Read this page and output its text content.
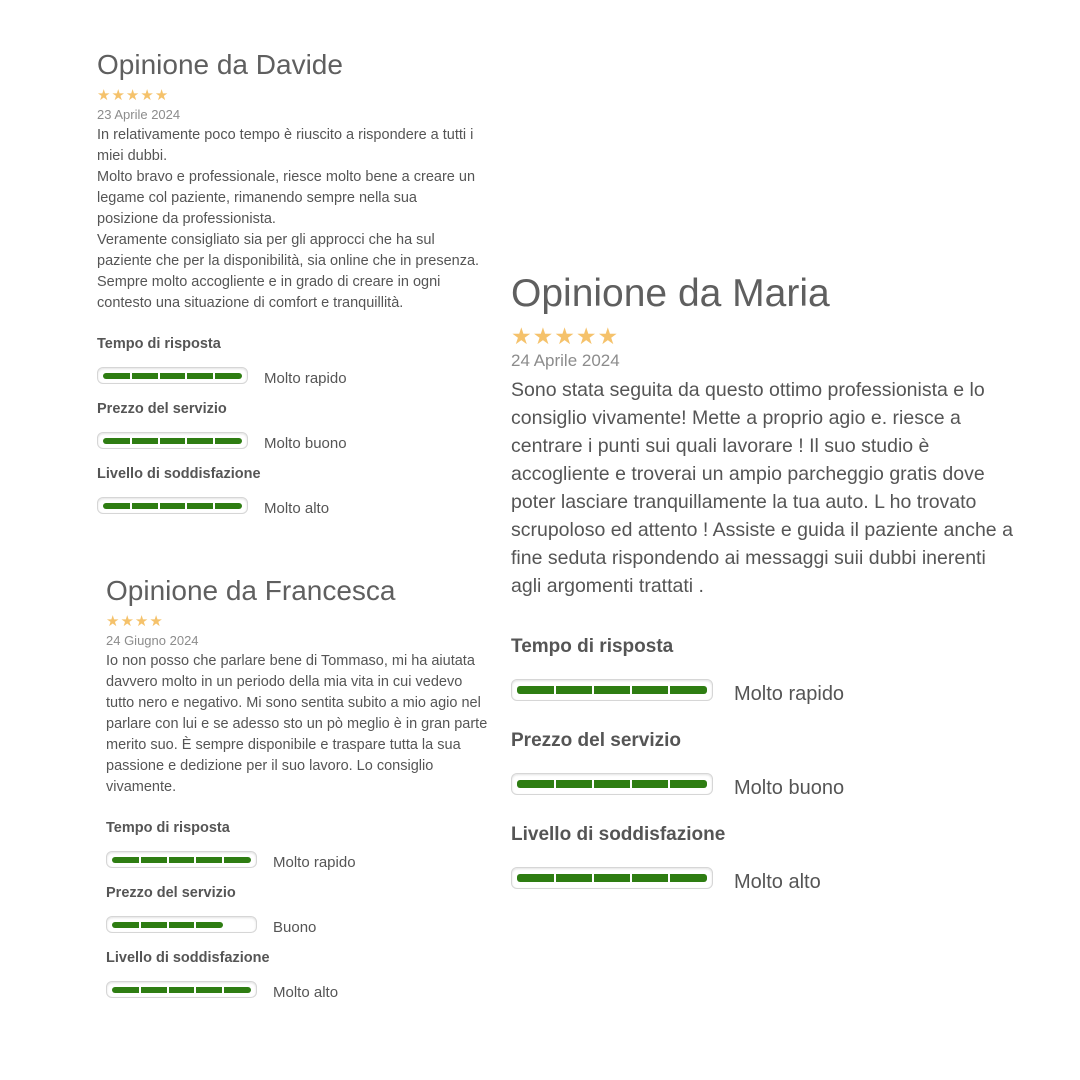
Opinione da Davide
★ ★ ★ ★ ★
23 Aprile 2024

In relativamente poco tempo è riuscito a rispondere a tutti i miei dubbi.

Molto bravo e professionale, riesce molto bene a creare un legame col paziente, rimanendo sempre nella sua posizione da professionista.

Veramente consigliato sia per gli approcci che ha sul paziente che per la disponibilità, sia online che in presenza. Sempre molto accogliente e in grado di creare in ogni contesto una situazione di comfort e tranquillità.

Tempo di risposta
Molto rapido
Prezzo del servizio
Molto buono
Livello di soddisfazione
Molto alto
Opinione da Francesca
★ ★ ★ ★
24 Giugno 2024

Io non posso che parlare bene di Tommaso, mi ha aiutata davvero molto in un periodo della mia vita in cui vedevo tutto nero e negativo. Mi sono sentita subito a mio agio nel parlare con lui e se adesso sto un pò meglio è in gran parte merito suo. È sempre disponibile e traspare tutta la sua passione e dedizione per il suo lavoro. Lo consiglio vivamente.

Tempo di risposta
Molto rapido
Prezzo del servizio
Buono
Livello di soddisfazione
Molto alto
Opinione da Maria
★ ★ ★ ★ ★
24 Aprile 2024

Sono stata seguita da questo ottimo professionista e lo consiglio vivamente! Mette a proprio agio e. riesce a centrare i punti sui quali lavorare ! Il suo studio è accogliente e troverai un ampio parcheggio gratis dove poter lasciare tranquillamente la tua auto. L ho trovato scrupoloso ed attento ! Assiste e guida il paziente anche a fine seduta rispondendo ai messaggi suii dubbi inerenti agli argomenti trattati .

Tempo di risposta
Molto rapido
Prezzo del servizio
Molto buono
Livello di soddisfazione
Molto alto
